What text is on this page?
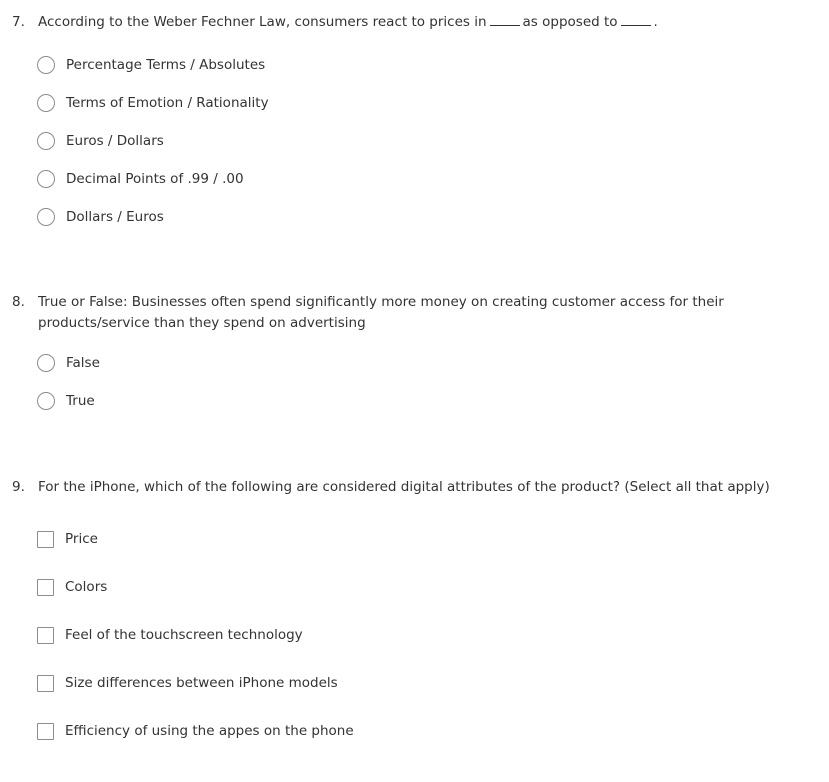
7. According to the Weber Fechner Law, consumers react to prices in	as opposed to	.
Percentage Terms / Absolutes
Terms of Emotion / Rationality
Euros / Dollars
Decimal Points of .99 / .00
Dollars / Euros
8. True or False: Businesses often spend significantly more money on creating customer access for their products/service than they spend on advertising
False
True
9. For the iPhone, which of the following are considered digital attributes of the product? (Select all that apply)
Price
Colors
Feel of the touchscreen technology
Size differences between iPhone models
Efficiency of using the appes on the phone
